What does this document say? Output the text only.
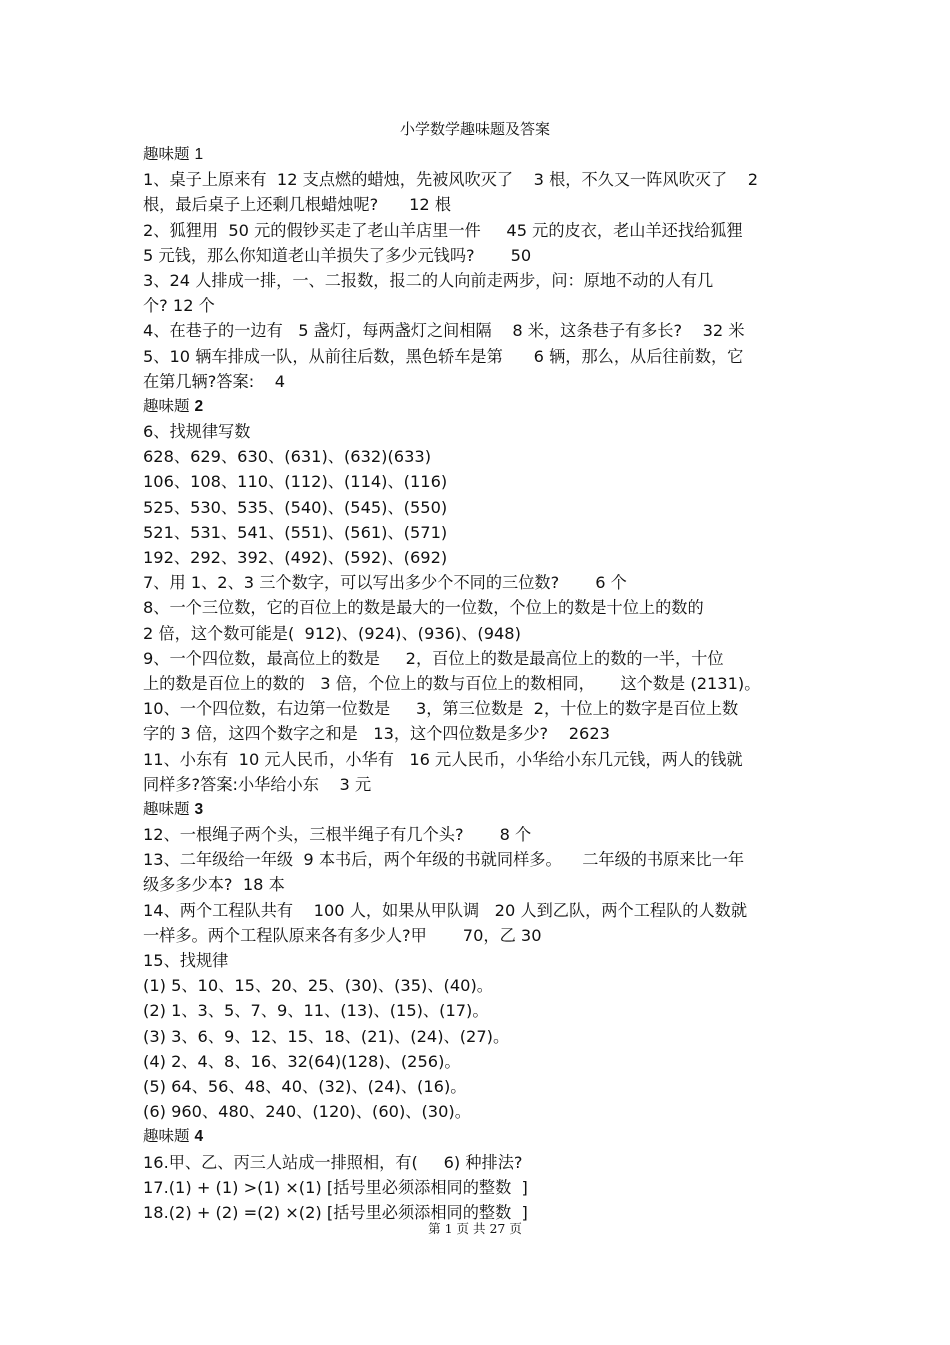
小学数学趣味题及答案
趣味题 1
1、桌子上原来有  12 支点燃的蜡烛，先被风吹灭了    3 根，不久又一阵风吹灭了    2
根，最后桌子上还剩几根蜡烛呢?      12 根
2、狐狸用  50 元的假钞买走了老山羊店里一件     45 元的皮衣，老山羊还找给狐狸
5 元钱，那么你知道老山羊损失了多少元钱吗?       50
3、24 人排成一排，一、二报数，报二的人向前走两步，问：原地不动的人有几
个? 12 个
4、在巷子的一边有   5 盏灯，每两盏灯之间相隔    8 米，这条巷子有多长?    32 米
5、10 辆车排成一队，从前往后数，黑色轿车是第      6 辆，那么，从后往前数，它
在第几辆?答案:    4
趣味题 2
6、找规律写数
628、629、630、(631)、(632)(633)
106、108、110、(112)、(114)、(116)
525、530、535、(540)、(545)、(550)
521、531、541、(551)、(561)、(571)
192、292、392、(492)、(592)、(692)
7、用 1、2、3 三个数字，可以写出多少个不同的三位数?       6 个
8、一个三位数，它的百位上的数是最大的一位数，个位上的数是十位上的数的
2 倍，这个数可能是(  912)、(924)、(936)、(948)
9、一个四位数，最高位上的数是     2，百位上的数是最高位上的数的一半，十位
上的数是百位上的数的   3 倍，个位上的数与百位上的数相同，     这个数是 (2131)。
10、一个四位数，右边第一位数是     3，第三位数是  2，十位上的数字是百位上数
字的 3 倍，这四个数字之和是   13，这个四位数是多少?    2623
11、小东有  10 元人民币，小华有   16 元人民币，小华给小东几元钱，两人的钱就
同样多?答案:小华给小东    3 元
趣味题 3
12、一根绳子两个头，三根半绳子有几个头?       8 个
13、二年级给一年级  9 本书后，两个年级的书就同样多。    二年级的书原来比一年
级多多少本?  18 本
14、两个工程队共有    100 人，如果从甲队调   20 人到乙队，两个工程队的人数就
一样多。两个工程队原来各有多少人?甲       70，乙 30
15、找规律
(1) 5、10、15、20、25、(30)、(35)、(40)。
(2) 1、3、5、7、9、11、(13)、(15)、(17)。
(3) 3、6、9、12、15、18、(21)、(24)、(27)。
(4) 2、4、8、16、32(64)(128)、(256)。
(5) 64、56、48、40、(32)、(24)、(16)。
(6) 960、480、240、(120)、(60)、(30)。
趣味题 4
16.甲、乙、丙三人站成一排照相，有(     6) 种排法?
17.(1) + (1) >(1) ×(1) [括号里必须添相同的整数  ]
18.(2) + (2) =(2) ×(2) [括号里必须添相同的整数  ]
第 1 页 共 27 页
